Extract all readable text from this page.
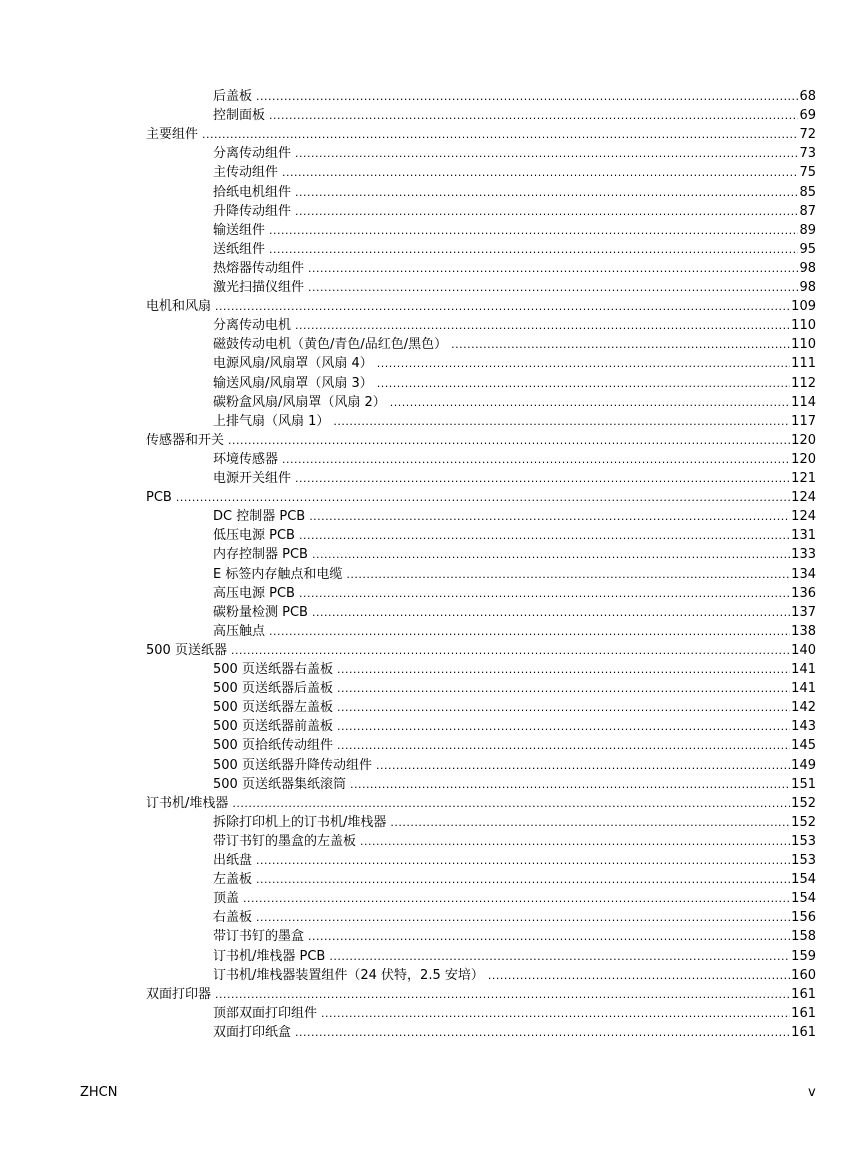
后盖板 .....	68
控制面板 .....	69
主要组件 .....	72
分离传动组件 .....	73
主传动组件 .....	75
拾纸电机组件 .....	85
升降传动组件 .....	87
输送组件 .....	89
送纸组件 .....	95
热熔器传动组件 .....	98
激光扫描仪组件 .....	98
电机和风扇 .....	109
分离传动电机 .....	110
磁鼓传动电机（黄色/青色/品红色/黑色） .....	110
电源风扇/风扇罩（风扇 4） .....	111
输送风扇/风扇罩（风扇 3） .....	112
碳粉盒风扇/风扇罩（风扇 2） .....	114
上排气扇（风扇 1） .....	117
传感器和开关 .....	120
环境传感器 .....	120
电源开关组件 .....	121
PCB .....	124
DC 控制器 PCB .....	124
低压电源 PCB .....	131
内存控制器 PCB .....	133
E 标签内存触点和电缆 .....	134
高压电源 PCB .....	136
碳粉量检测 PCB .....	137
高压触点 .....	138
500 页送纸器 .....	140
500 页送纸器右盖板 .....	141
500 页送纸器后盖板 .....	141
500 页送纸器左盖板 .....	142
500 页送纸器前盖板 .....	143
500 页拾纸传动组件 .....	145
500 页送纸器升降传动组件 .....	149
500 页送纸器集纸滚筒 .....	151
订书机/堆栈器 .....	152
拆除打印机上的订书机/堆栈器 .....	152
带订书钉的墨盒的左盖板 .....	153
出纸盘 .....	153
左盖板 .....	154
顶盖 .....	154
右盖板 .....	156
带订书钉的墨盒 .....	158
订书机/堆栈器 PCB .....	159
订书机/堆栈器装置组件（24 伏特，2.5 安培） .....	160
双面打印器 .....	161
顶部双面打印组件 .....	161
双面打印纸盒 .....	161
ZHCN	v
